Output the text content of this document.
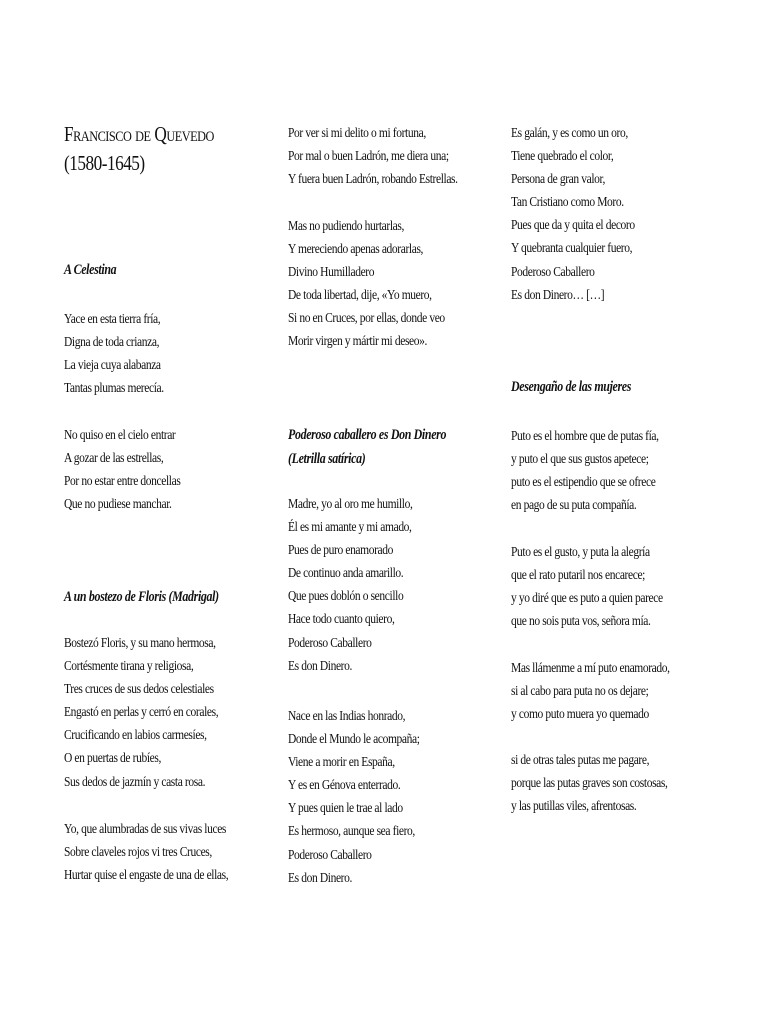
Francisco de Quevedo
(1580-1645)
A Celestina
Yace en esta tierra fría,
Digna de toda crianza,
La vieja cuya alabanza
Tantas plumas merecía.
No quiso en el cielo entrar
A gozar de las estrellas,
Por no estar entre doncellas
Que no pudiese manchar.
A un bostezo de Floris (Madrigal)
Bostezó Floris, y su mano hermosa,
Cortésmente tirana y religiosa,
Tres cruces de sus dedos celestiales
Engastó en perlas y cerró en corales,
Crucificando en labios carmesíes,
O en puertas de rubíes,
Sus dedos de jazmín y casta rosa.
Yo, que alumbradas de sus vivas luces
Sobre claveles rojos vi tres Cruces,
Hurtar quise el engaste de una de ellas,
Por ver si mi delito o mi fortuna,
Por mal o buen Ladrón, me diera una;
Y fuera buen Ladrón, robando Estrellas.
Mas no pudiendo hurtarlas,
Y mereciendo apenas adorarlas,
Divino Humilladero
De toda libertad, dije, «Yo muero,
Si no en Cruces, por ellas, donde veo
Morir virgen y mártir mi deseo».
Poderoso caballero es Don Dinero
(Letrilla satírica)
Madre, yo al oro me humillo,
Él es mi amante y mi amado,
Pues de puro enamorado
De continuo anda amarillo.
Que pues doblón o sencillo
Hace todo cuanto quiero,
Poderoso Caballero
Es don Dinero.
Nace en las Indias honrado,
Donde el Mundo le acompaña;
Viene a morir en España,
Y es en Génova enterrado.
Y pues quien le trae al lado
Es hermoso, aunque sea fiero,
Poderoso Caballero
Es don Dinero.
Es galán, y es como un oro,
Tiene quebrado el color,
Persona de gran valor,
Tan Cristiano como Moro.
Pues que da y quita el decoro
Y quebranta cualquier fuero,
Poderoso Caballero
Es don Dinero… […]
Desengaño de las mujeres
Puto es el hombre que de putas fía,
y puto el que sus gustos apetece;
puto es el estipendio que se ofrece
en pago de su puta compañía.
Puto es el gusto, y puta la alegría
que el rato putaril nos encarece;
y yo diré que es puto a quien parece
que no sois puta vos, señora mía.
Mas llámenme a mí puto enamorado,
si al cabo para puta no os dejare;
y como puto muera yo quemado
si de otras tales putas me pagare,
porque las putas graves son costosas,
y las putillas viles, afrentosas.
